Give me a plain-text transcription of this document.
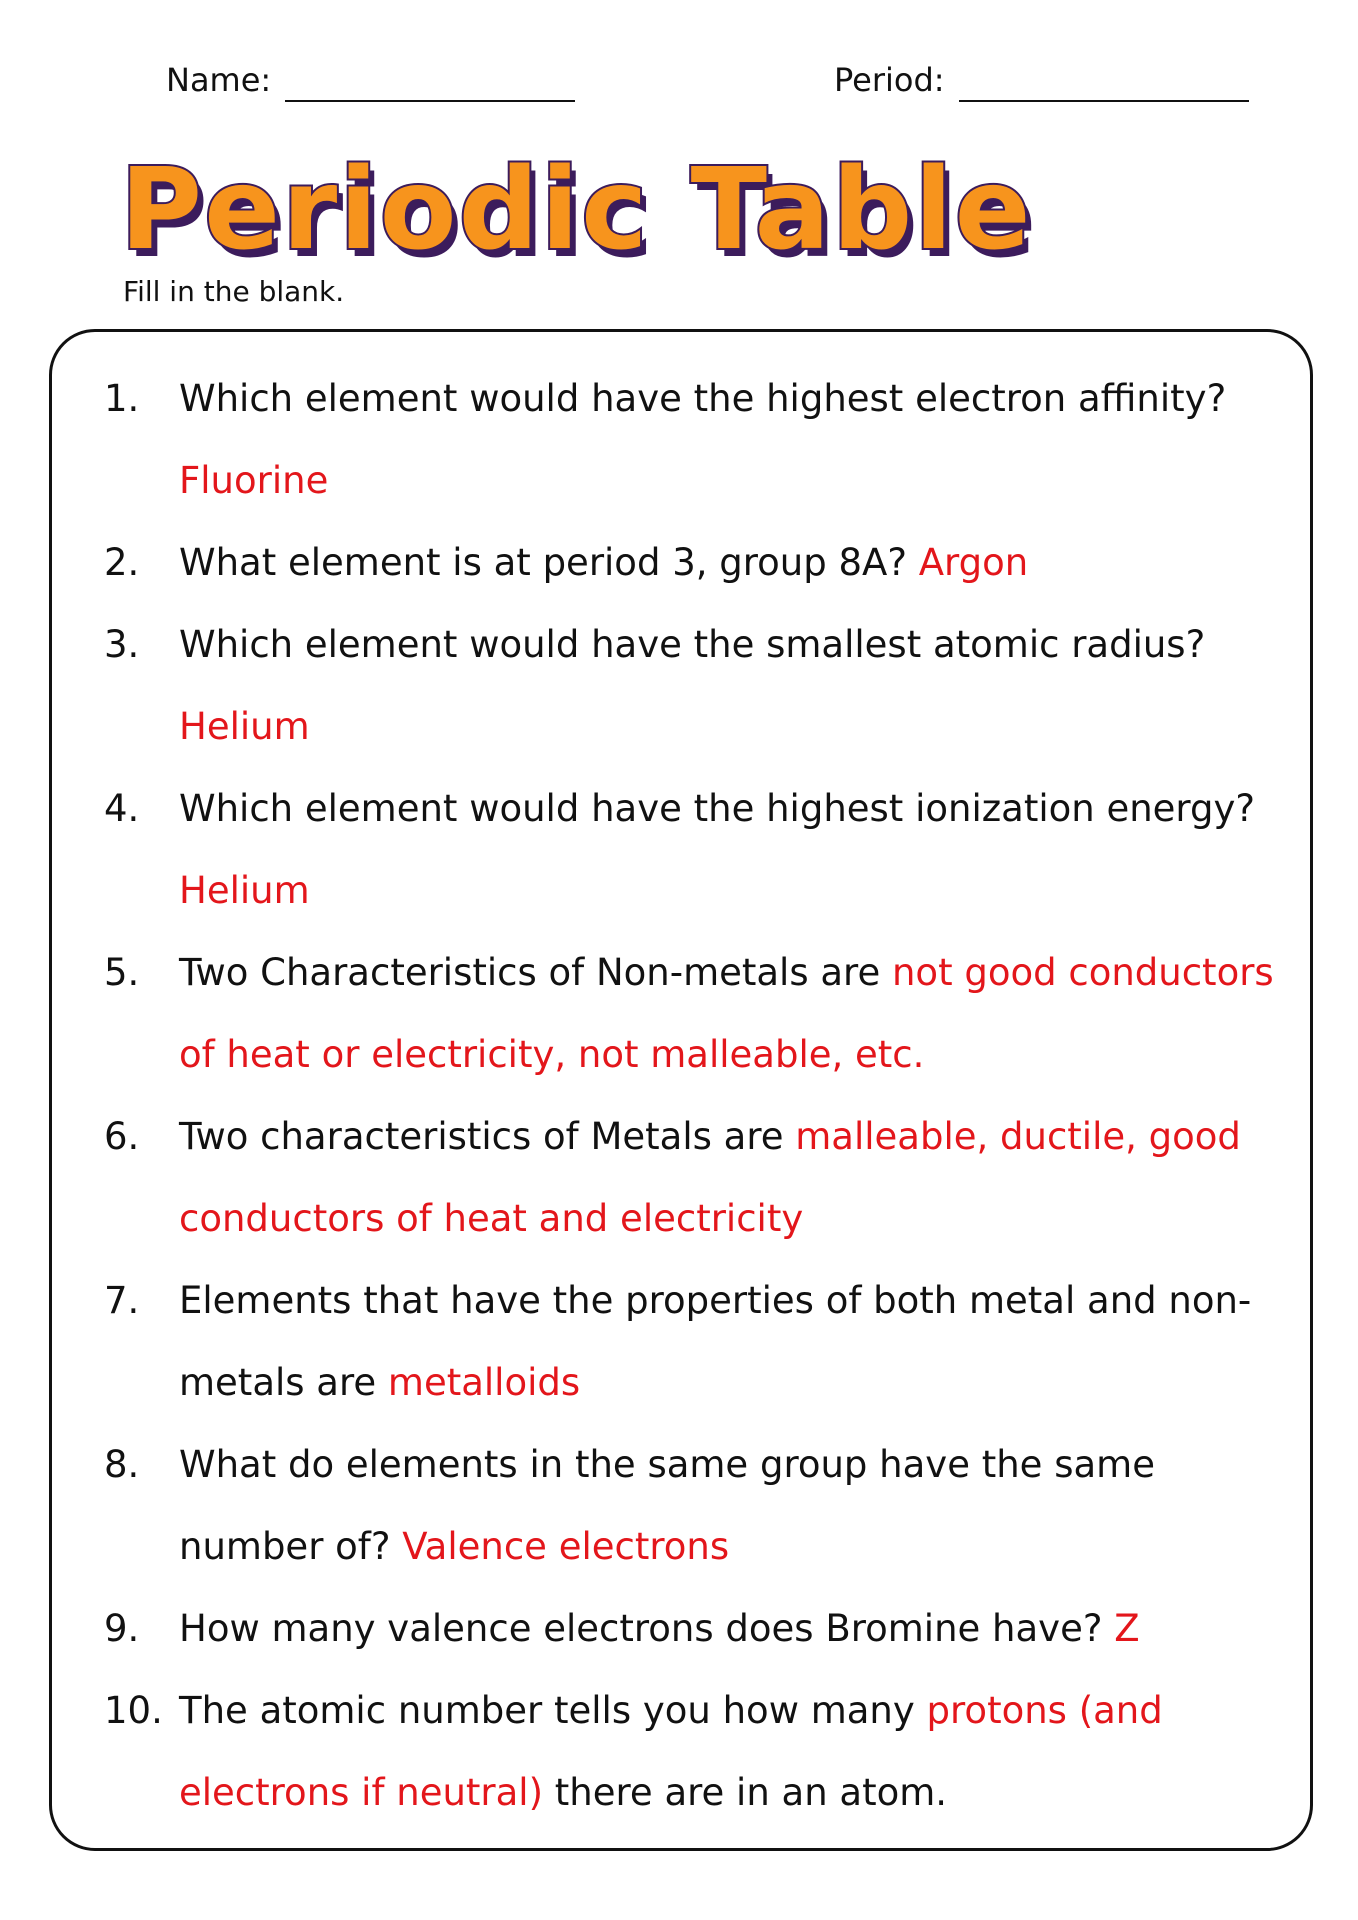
Name:	Period:
Periodic Table
Fill in the blank.
1.	Which element would have the highest electron affinity?
Fluorine
2.	What element is at period 3, group 8A? Argon
3.	Which element would have the smallest atomic radius?
Helium
4.	Which element would have the highest ionization energy?
Helium
5.	Two Characteristics of Non-metals are not good conductors of heat or electricity, not malleable, etc.
6.	Two characteristics of Metals are malleable, ductile, good conductors of heat and electricity
7.	Elements that have the properties of both metal and non-metals are metalloids
8.	What do elements in the same group have the same number of? Valence electrons
9.	How many valence electrons does Bromine have? Z
10. The atomic number tells you how many protons (and electrons if neutral) there are in an atom.
